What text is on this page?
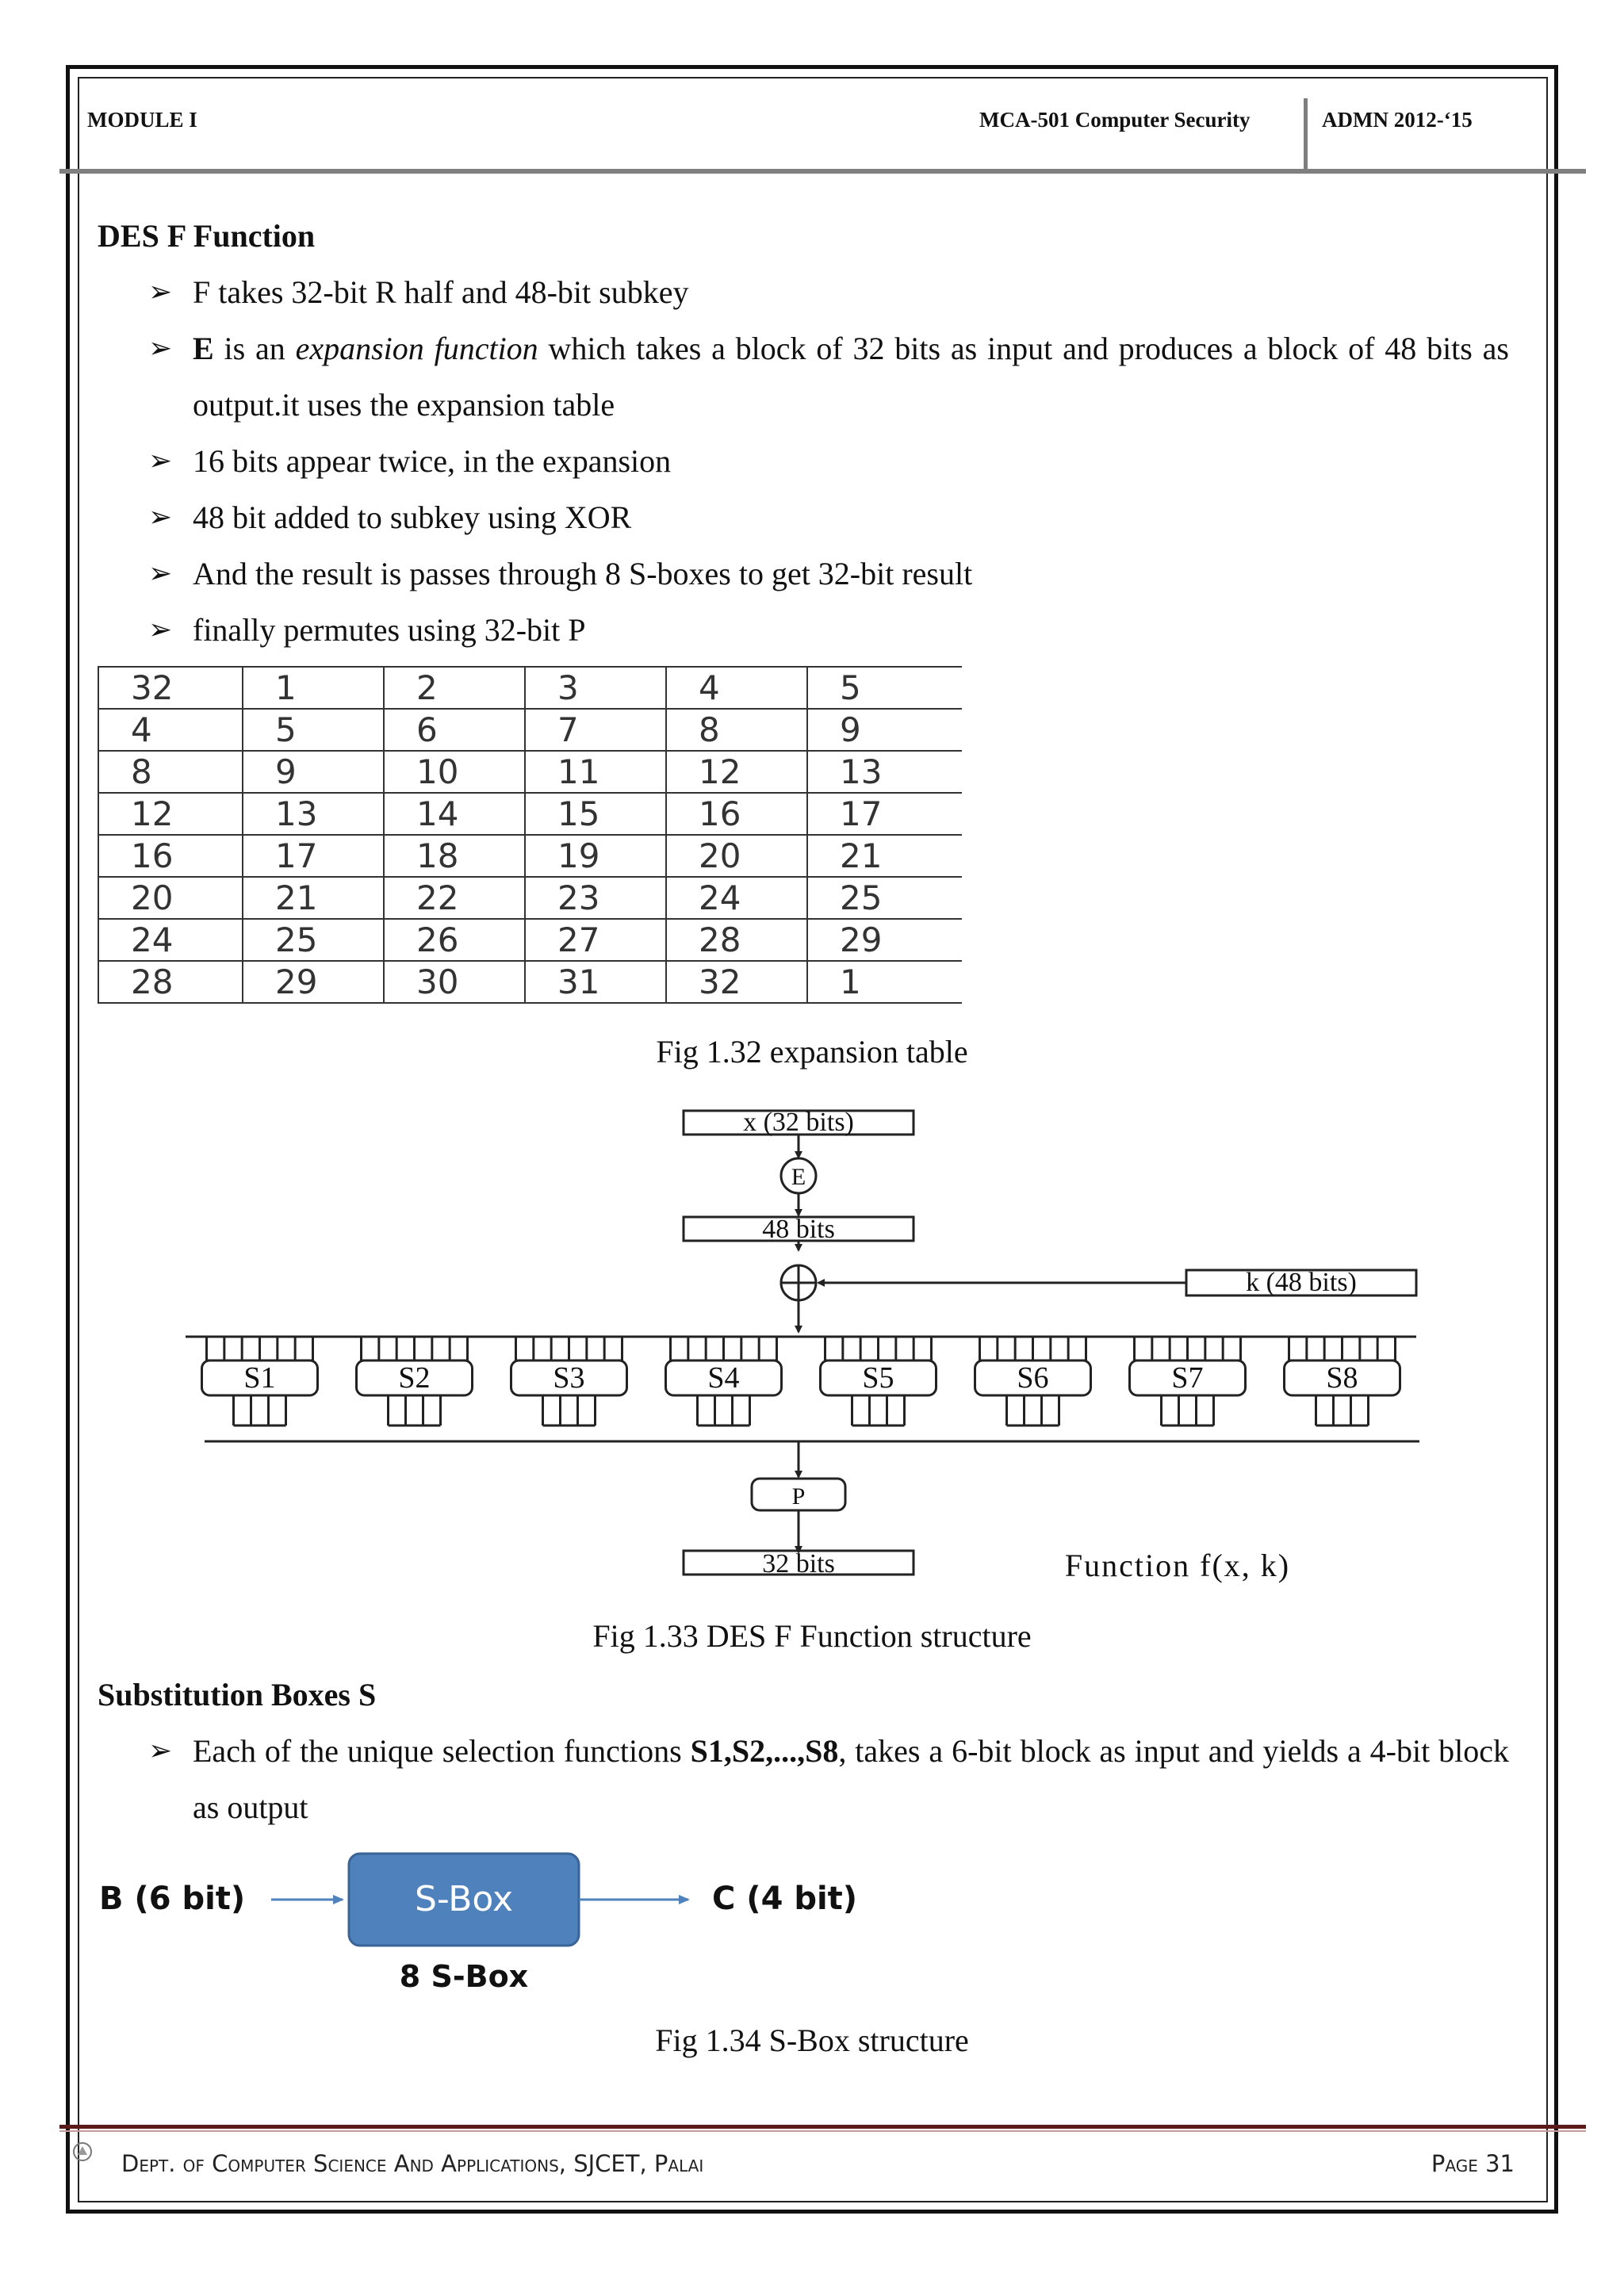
MODULE I	MCA-501 Computer Security	ADMN 2012-‘15
DES F Function
➢ F takes 32-bit R half and 48-bit subkey
➢ E is an expansion function which takes a block of 32 bits as input and produces a block of 48 bits as output.it uses the expansion table
➢ 16 bits appear twice, in the expansion
➢ 48 bit added to subkey using XOR
➢ And the result is passes through 8 S-boxes to get 32-bit result
➢ finally permutes using 32-bit P
32	1	2	3	4	5
4	5	6	7	8	9
8	9	10	11	12	13
12	13	14	15	16	17
16	17	18	19	20	21
20	21	22	23	24	25
24	25	26	27	28	29
28	29	30	31	32	1
Fig 1.32 expansion table
S1	S2	S3	S4	S5	S6	S7	S8
x (32 bits)
E
48 bits
k (48 bits)
P
32 bits	Function f(x, k)
Fig 1.33 DES F Function structure
Substitution Boxes S
➢ Each of the unique selection functions S1,S2,...,S8, takes a 6-bit block as input and yields a 4-bit block as output
B (6 bit)	S-Box	C (4 bit)
8 S-Box
Fig 1.34 S-Box structure
Dept. of Computer Science And Applications, SJCET, Palai	Page 31
